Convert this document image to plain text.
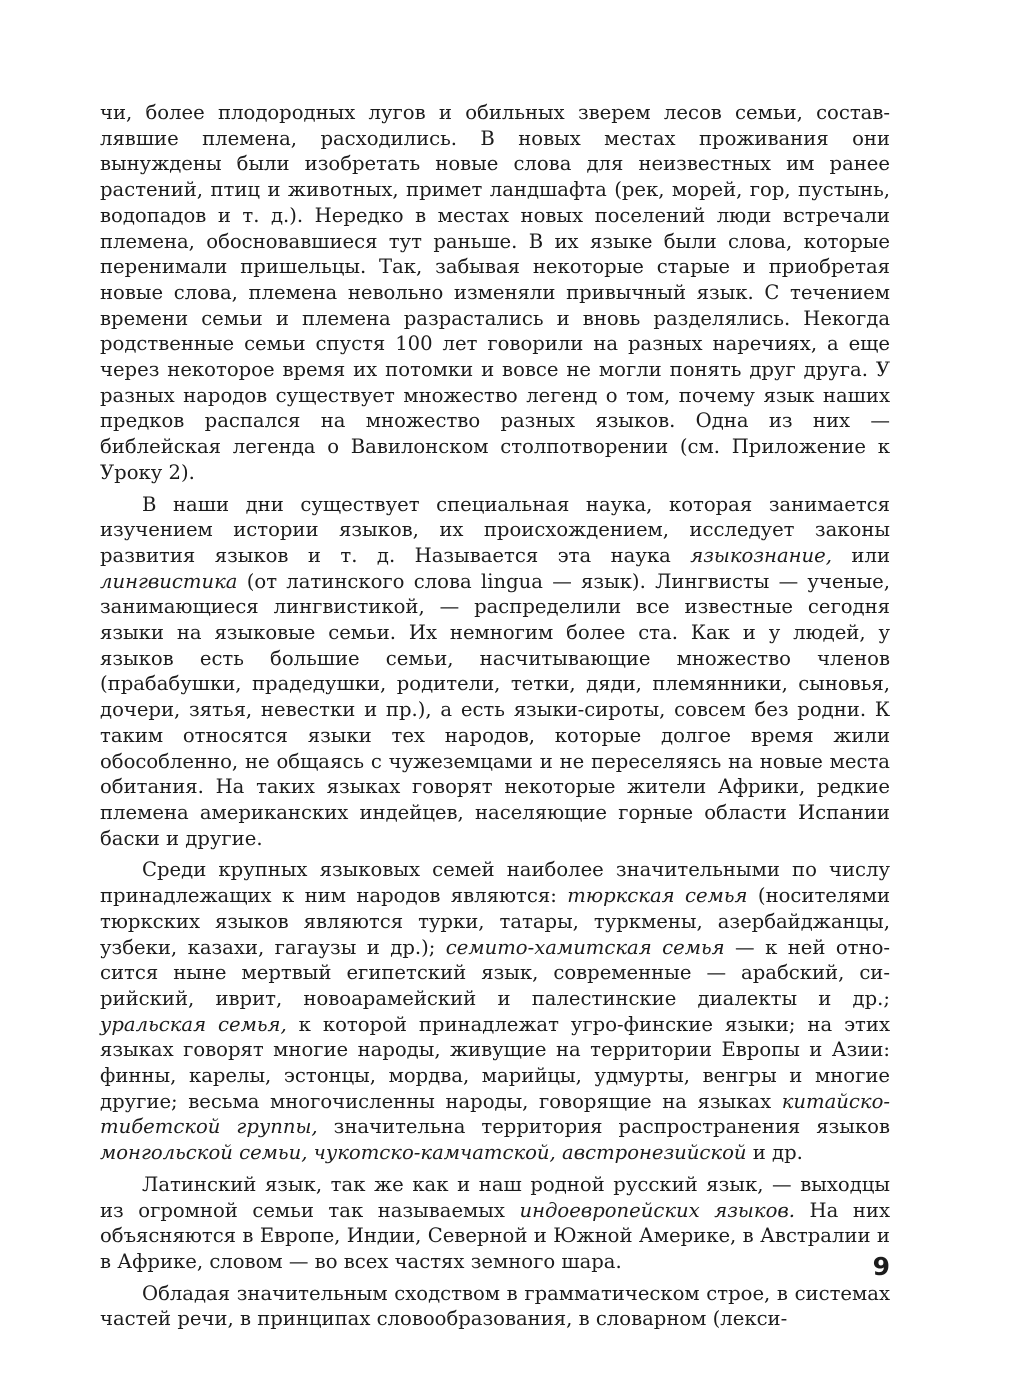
чи, более плодородных лугов и обильных зверем лесов семьи, составлявшие племена, расходились. В новых местах проживания они вынуждены были изобретать новые слова для неизвестных им ранее растений, птиц и животных, примет ландшафта (рек, морей, гор, пустынь, водопадов и т. д.). Нередко в местах новых поселений люди встречали племена, обосновавшиеся тут раньше. В их языке были слова, которые перенимали пришельцы. Так, забывая некоторые старые и приобретая новые слова, племена невольно изменяли привычный язык. С течением времени семьи и племена разрастались и вновь разделялись. Некогда родственные семьи спустя 100 лет говорили на разных наречиях, а еще через некоторое время их потомки и вовсе не могли понять друг друга. У разных народов существует множество легенд о том, почему язык наших предков распался на множество разных языков. Одна из них — библейская легенда о Вавилонском столпотворении (см. Приложение к Уроку 2).

В наши дни существует специальная наука, которая занимается изучением истории языков, их происхождением, исследует законы развития языков и т. д. Называется эта наука языкознание, или лингвистика (от латинского слова lingua — язык). Лингвисты — ученые, занимающиеся лингвистикой, — распределили все известные сегодня языки на языковые семьи. Их немногим более ста. Как и у людей, у языков есть большие семьи, насчитывающие множество членов (прабабушки, прадедушки, родители, тетки, дяди, племянники, сыновья, дочери, зятья, невестки и пр.), а есть языки-сироты, совсем без родни. К таким относятся языки тех народов, которые долгое время жили обособленно, не общаясь с чужеземцами и не переселяясь на новые места обитания. На таких языках говорят некоторые жители Африки, редкие племена американских индейцев, населяющие горные области Испании баски и другие.

Среди крупных языковых семей наиболее значительными по числу принадлежащих к ним народов являются: тюркская семья (носителями тюркских языков являются турки, татары, туркмены, азербайджанцы, узбеки, казахи, гагаузы и др.); семито-хамитская семья — к ней относится ныне мертвый египетский язык, современные — арабский, сирийский, иврит, новоарамейский и палестинские диалекты и др.; уральская семья, к которой принадлежат угро-финские языки; на этих языках говорят многие народы, живущие на территории Европы и Азии: финны, карелы, эстонцы, мордва, марийцы, удмурты, венгры и многие другие; весьма многочисленны народы, говорящие на языках китайско-тибетской группы, значительна территория распространения языков монгольской семьи, чукотско-камчатской, австронезийской и др.

Латинский язык, так же как и наш родной русский язык, — выходцы из огромной семьи так называемых индоевропейских языков. На них объясняются в Европе, Индии, Северной и Южной Америке, в Австралии и в Африке, словом — во всех частях земного шара.

Обладая значительным сходством в грамматическом строе, в системах частей речи, в принципах словообразования, в словарном (лекси-

9
